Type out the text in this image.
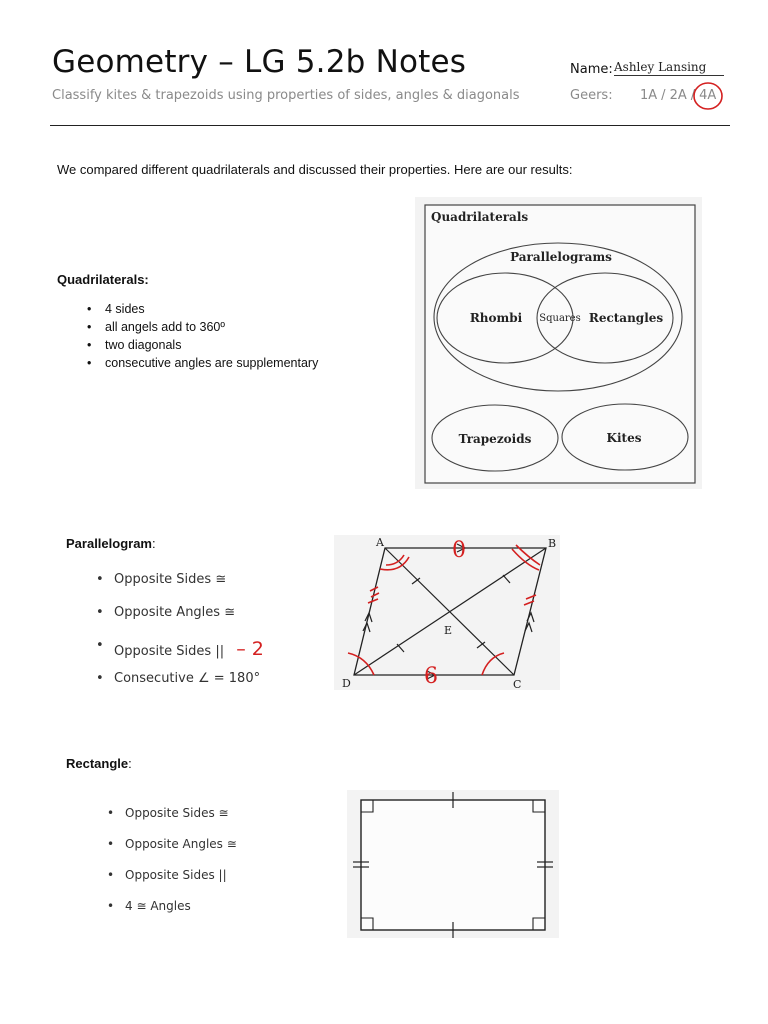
Geometry – LG 5.2b Notes
Classify kites & trapezoids using properties of sides, angles & diagonals
Name: Ashley Lansing
Geers: 1A / 2A / 4A
We compared different quadrilaterals and discussed their properties. Here are our results:
Quadrilaterals:
• 4 sides
• all angels add to 360º
• two diagonals
• consecutive angles are supplementary
Quadrilaterals
Parallelograms
Rhombi Squares Rectangles
Trapezoids	Kites
Parallelogram:
• Opposite Sides ≅
• Opposite Angles ≅
• Opposite Sides || – 2
• Consecutive ∠ = 180°
A	B
C
D
E
0
6
Rectangle:
• Opposite Sides ≅
• Opposite Angles ≅
• Opposite Sides ||
• 4 ≅ Angles
